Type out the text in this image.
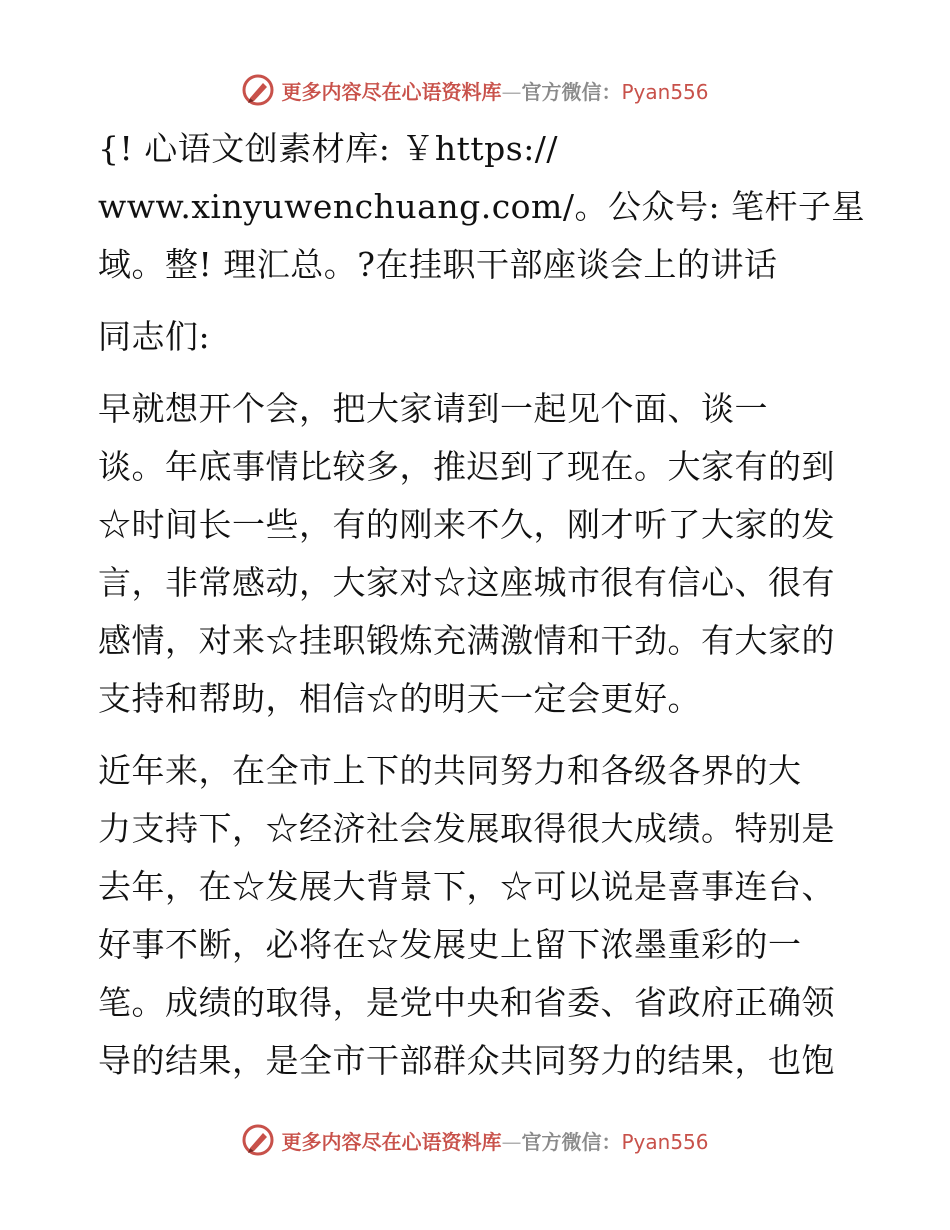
更多内容尽在心语资料库—官方微信：Pyan556
{! 心语文创素材库: ￥https://
www.xinyuwenchuang.com/。公众号: 笔杆子星
域。整! 理汇总。?在挂职干部座谈会上的讲话
同志们:
早就想开个会，把大家请到一起见个面、谈一
谈。年底事情比较多，推迟到了现在。大家有的到
☆时间长一些，有的刚来不久，刚才听了大家的发
言，非常感动，大家对☆这座城市很有信心、很有
感情，对来☆挂职锻炼充满激情和干劲。有大家的
支持和帮助，相信☆的明天一定会更好。
近年来，在全市上下的共同努力和各级各界的大
力支持下，☆经济社会发展取得很大成绩。特别是
去年，在☆发展大背景下，☆可以说是喜事连台、
好事不断，必将在☆发展史上留下浓墨重彩的一
笔。成绩的取得，是党中央和省委、省政府正确领
导的结果，是全市干部群众共同努力的结果，也饱
更多内容尽在心语资料库—官方微信：Pyan556
